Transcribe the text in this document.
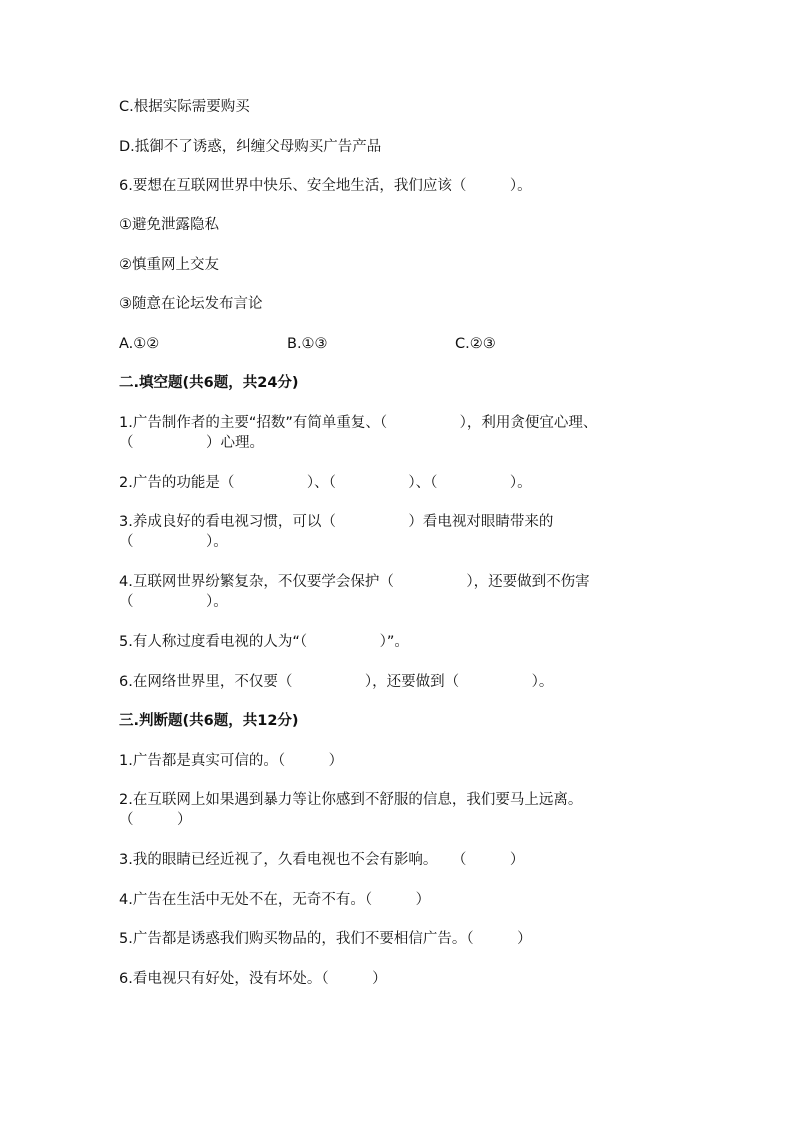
C.根据实际需要购买
D.抵御不了诱惑，纠缠父母购买广告产品
6.要想在互联网世界中快乐、安全地生活，我们应该（　　　）。
①避免泄露隐私
②慎重网上交友
③随意在论坛发布言论
A.①②	B.①③	C.②③
二.填空题(共6题，共24分)
1.广告制作者的主要“招数”有简单重复、（　　　　　），利用贪便宜心理、
（　　　　　）心理。
2.广告的功能是（　　　　　）、（　　　　　）、（　　　　　）。
3.养成良好的看电视习惯，可以（　　　　　）看电视对眼睛带来的
（　　　　　）。
4.互联网世界纷繁复杂，不仅要学会保护（　　　　　），还要做到不伤害
（　　　　　）。
5.有人称过度看电视的人为“（　　　　　）”。
6.在网络世界里，不仅要（　　　　　），还要做到（　　　　　）。
三.判断题(共6题，共12分)
1.广告都是真实可信的。（　　　）
2.在互联网上如果遇到暴力等让你感到不舒服的信息，我们要马上远离。
（　　　）
3.我的眼睛已经近视了，久看电视也不会有影响。　　（　　　）
4.广告在生活中无处不在，无奇不有。（　　　）
5.广告都是诱惑我们购买物品的，我们不要相信广告。（　　　）
6.看电视只有好处，没有坏处。（　　　）
